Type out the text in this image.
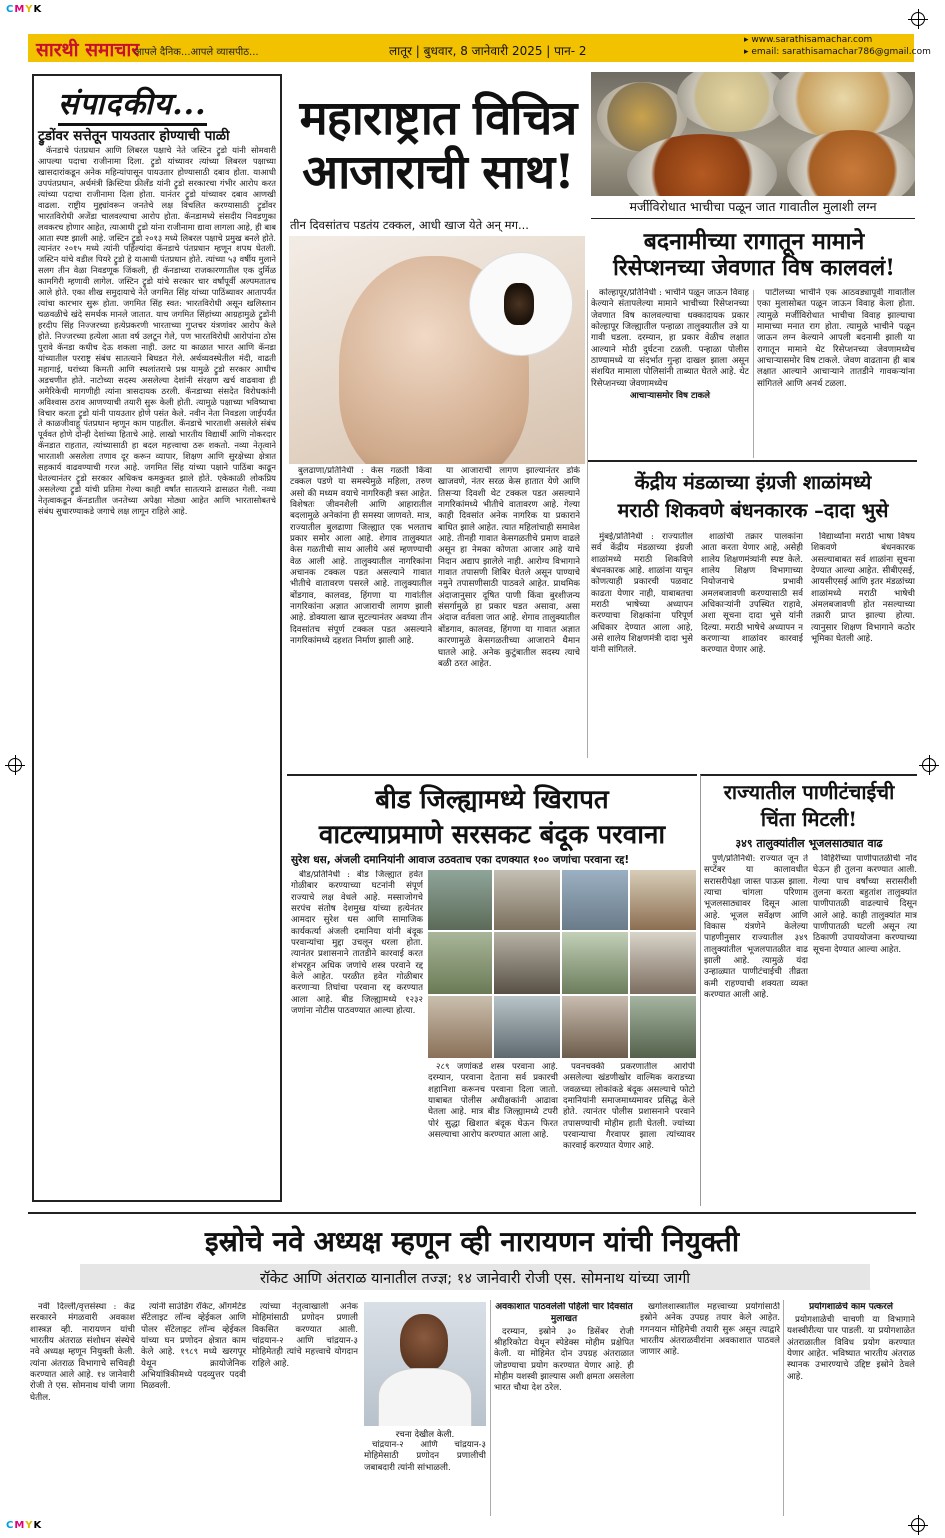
CMYK
CMYK
सारथी समाचार
आपले दैनिक...आपले व्यासपीठ...	लातूर | बुधवार, 8 जानेवारी 2025 | पान- 2
▸ www.sarathisamachar.com
▸ email: sarathisamachar786@gmail.com
संपादकीय...
ट्रुडोंवर सत्तेतून पायउतार होण्याची पाळी

कॅनडाचे पंतप्रधान आणि लिबरल पक्षाचे नेते जस्टिन ट्रुडो यांनी सोमवारी आपल्या पदाचा राजीनामा दिला. ट्रुडो यांच्यावर त्यांच्या लिबरल पक्षाच्या खासदारांकडून अनेक महिन्यांपासून पायउतार होण्यासाठी दबाव होता. याआधी उपपंतप्रधान, अर्थमंत्री क्रिस्टिया फ्रीलँड यांनी ट्रुडो सरकारचा गंभीर आरोप करत त्यांच्या पदाचा राजीनामा दिला होता. यानंतर ट्रुडो यांच्यावर दबाव आणखी वाढला. राष्ट्रीय मुद्द्यांवरून जनतेचे लक्ष विचलित करण्यासाठी ट्रुडोंवर भारतविरोधी अजेंडा चालवल्याचा आरोप होता. कॅनडामध्ये संसदीय निवडणुका लवकरच होणार आहेत, त्याआधी ट्रुडो यांना राजीनामा द्यावा लागला आहे, ही बाब आता स्पष्ट झाली आहे. जस्टिन ट्रुडो २०१३ मध्ये लिबरल पक्षाचे प्रमुख बनले होते. त्यानंतर २०१५ मध्ये त्यांनी पहिल्यांदा कॅनडाचे पंतप्रधान म्हणून शपथ घेतली. जस्टिन यांचे वडील पियरे ट्रुडो हे याआधी पंतप्रधान होते. त्यांच्या ५३ वर्षीय मुलाने सलग तीन वेळा निवडणूक जिंकली, ही कॅनडाच्या राजकारणातील एक दुर्मिळ कामगिरी म्हणावी लागेल. जस्टिन ट्रुडो यांचे सरकार चार वर्षांपूर्वी अल्पमतातच आले होते. एका शीख समुदायाचे नेते जगमित सिंह यांच्या पाठिंब्यावर आतापर्यंत त्यांचा कारभार सुरू होता. जगमित सिंह स्वत: भारतविरोधी असून खलिस्तान चळवळीचे खंदे समर्थक मानले जातात. याच जगमित सिंहांच्या आग्रहामुळे ट्रुडोंनी हरदीप सिंह निज्जरच्या हत्येप्रकरणी भारताच्या गुप्तचर यंत्रणांवर आरोप केले होते. निज्जरच्या हत्येला आता वर्ष उलटून गेले, पण भारतविरोधी आरोपांना ठोस पुरावे कॅनडा कधीच देऊ शकला नाही. उलट या काळात भारत आणि कॅनडा यांच्यातील परराष्ट्र संबंध सातत्याने बिघडत गेले. अर्थव्यवस्थेतील मंदी, वाढती महागाई, घरांच्या किमती आणि स्थलांतराचे प्रश्न यामुळे ट्रुडो सरकार आधीच अडचणीत होते. नाटोच्या सदस्य असलेल्या देशांनी संरक्षण खर्च वाढवावा ही अमेरिकेची मागणीही त्यांना त्रासदायक ठरली. कॅनडाच्या संसदेत विरोधकांनी अविश्वास ठराव आणण्याची तयारी सुरू केली होती. त्यामुळे पक्षाच्या भविष्याचा विचार करता ट्रुडो यांनी पायउतार होणे पसंत केले. नवीन नेता निवडला जाईपर्यंत ते काळजीवाहू पंतप्रधान म्हणून काम पाहतील. कॅनडाचे भारताशी असलेले संबंध पूर्ववत होणे दोन्ही देशांच्या हिताचे आहे. लाखो भारतीय विद्यार्थी आणि नोकरदार कॅनडात राहतात, त्यांच्यासाठी हा बदल महत्त्वाचा ठरू शकतो. नव्या नेतृत्वाने भारताशी असलेला तणाव दूर करून व्यापार, शिक्षण आणि सुरक्षेच्या क्षेत्रात सहकार्य वाढवण्याची गरज आहे. जगमित सिंह यांच्या पक्षाने पाठिंबा काढून घेतल्यानंतर ट्रुडो सरकार अधिकच कमकुवत झाले होते. एकेकाळी लोकप्रिय असलेल्या ट्रुडो यांची प्रतिमा गेल्या काही वर्षांत सातत्याने ढासळत गेली. नव्या नेतृत्वाकडून कॅनडातील जनतेच्या अपेक्षा मोठ्या आहेत आणि भारतासोबतचे संबंध सुधारण्याकडे जगाचे लक्ष लागून राहिले आहे.

महाराष्ट्रात विचित्र आजाराची साथ!
तीन दिवसांतच पडतंय टक्कल, आधी खाज येते अन् मग...

बुलढाणा/प्रतिनिधी : केस गळती किंवा टक्कल पडणे या समस्येमुळे महिला, तरुण असो की मध्यम वयाचे नागरिकही त्रस्त आहेत. विशेषतः जीवनशैली आणि आहारातील बदलामुळे अनेकांना ही समस्या जाणवते. मात्र, राज्यातील बुलढाणा जिल्ह्यात एक भलताच प्रकार समोर आला आहे. शेगाव तालुक्यात केस गळतीची साथ आलीये असं म्हणण्याची वेळ आली आहे. तालुक्यातील नागरिकांना अचानक टक्कल पडत असल्याने गावात भीतीचे वातावरण पसरले आहे. तालुक्यातील बोंडगाव, कालवड, हिंगणा या गावांतील नागरिकांना अज्ञात आजाराची लागण झाली आहे. डोक्याला खाज सुटल्यानंतर अवघ्या तीन दिवसांतच संपूर्ण टक्कल पडत असल्याने नागरिकांमध्ये दहशत निर्माण झाली आहे.

या आजाराची लागण झाल्यानंतर डोके खाजवणे, नंतर सरळ केस हातात येणे आणि तिसऱ्या दिवशी थेट टक्कल पडत असल्याने नागरिकांमध्ये भीतीचे वातावरण आहे. गेल्या काही दिवसांत अनेक नागरिक या प्रकाराने बाधित झाले आहेत. त्यात महिलांचाही समावेश आहे. तीनही गावात केसगळतीचे प्रमाण वाढले असून हा नेमका कोणता आजार आहे याचे निदान अद्याप झालेले नाही. आरोग्य विभागाने गावात तपासणी शिबिर घेतले असून पाण्याचे नमुने तपासणीसाठी पाठवले आहेत. प्राथमिक अंदाजानुसार दूषित पाणी किंवा बुरशीजन्य संसर्गामुळे हा प्रकार घडत असावा, असा अंदाज वर्तवला जात आहे. शेगाव तालुक्यातील बोंडगाव, कालवड, हिंगणा या गावात अज्ञात कारणामुळे केसगळतीच्या आजाराने थैमान घातले आहे. अनेक कुटुंबातील सदस्य त्याचे बळी ठरत आहेत.

मर्जीविरोधात भाचीचा पळून जात गावातील मुलाशी लग्न
बदनामीच्या रागातून मामाने
रिसेप्शनच्या जेवणात विष कालवलं!

कोल्हापूर/प्रतिनिधी : भाचीने पळून जाऊन विवाह केल्याने संतापलेल्या मामाने भाचीच्या रिसेप्शनच्या जेवणात विष कालवल्याचा धक्कादायक प्रकार कोल्हापूर जिल्ह्यातील पन्हाळा तालुक्यातील उत्रे या गावी घडला. दरम्यान, हा प्रकार वेळीच लक्षात आल्याने मोठी दुर्घटना टळली. पन्हाळा पोलीस ठाण्यामध्ये या संदर्भात गुन्हा दाखल झाला असून संशयित मामाला पोलिसांनी ताब्यात घेतले आहे. थेट रिसेप्शनच्या जेवणामध्येच

आचाऱ्यासमोर विष टाकले

पाटीलच्या भाचीने एक आठवड्यापूर्वी गावातील एका मुलासोबत पळून जाऊन विवाह केला होता. त्यामुळे मर्जीविरोधात भाचीचा विवाह झाल्याचा मामाच्या मनात राग होता. त्यामुळे भाचीने पळून जाऊन लग्न केल्याने आपली बदनामी झाली या रागातून मामाने थेट रिसेप्शनच्या जेवणामध्येच आचाऱ्यासमोर विष टाकले. जेवण वाढताना ही बाब लक्षात आल्याने आचाऱ्याने तातडीने गावकऱ्यांना सांगितले आणि अनर्थ टळला.

केंद्रीय मंडळाच्या इंग्रजी शाळांमध्ये
मराठी शिकवणे बंधनकारक –दादा भुसे

मुंबई/प्रतिनिधी : राज्यातील सर्व केंद्रीय मंडळाच्या इंग्रजी शाळांमध्ये मराठी शिकविणे बंधनकारक आहे. शाळांना याचून कोणत्याही प्रकारची पळवाट काढता येणार नाही, याबाबतचा मराठी भाषेच्या अध्यापन करण्याचा शिक्षकांना परिपूर्ण अधिकार देण्यात आला आहे, असे शालेय शिक्षणमंत्री दादा भुसे यांनी सांगितले.

शाळांची तक्रार पालकांना आता करता येणार आहे, असेही शालेय शिक्षणमंत्र्यांनी स्पष्ट केले. शालेय शिक्षण विभागाच्या नियोजनाचे प्रभावी अमलबजावणी करण्यासाठी सर्व अधिकाऱ्यांनी उपस्थित राहावे, अशा सूचना दादा भुसे यांनी दिल्या. मराठी भाषेचे अध्यापन न करणाऱ्या शाळांवर कारवाई करण्यात येणार आहे.

विद्यार्थ्यांना मराठी भाषा विषय शिकवणे बंधनकारक असल्याबाबत सर्व शाळांना सूचना देण्यात आल्या आहेत. सीबीएसई, आयसीएसई आणि इतर मंडळांच्या शाळांमध्ये मराठी भाषेची अंमलबजावणी होत नसल्याच्या तक्रारी प्राप्त झाल्या होत्या. त्यानुसार शिक्षण विभागाने कठोर भूमिका घेतली आहे.

बीड जिल्ह्यामध्ये खिरापत
वाटल्याप्रमाणे सरसकट बंदूक परवाना
सुरेश धस, अंजली दमानियांनी आवाज उठवताच एका दणक्यात १०० जणांचा परवाना रद्द!

बीड/प्रतिनिधी : बीड जिल्ह्यात हवेत गोळीबार करण्याच्या घटनांनी संपूर्ण राज्याचे लक्ष वेधले आहे. मस्साजोगचे सरपंच संतोष देशमुख यांच्या हत्येनंतर आमदार सुरेश धस आणि सामाजिक कार्यकर्त्या अंजली दमानिया यांनी बंदूक परवान्यांचा मुद्दा उचलून धरला होता. त्यानंतर प्रशासनाने तातडीने कारवाई करत शंभरहून अधिक जणांचे शस्त्र परवाने रद्द केले आहेत. परळीत हवेत गोळीबार करणाऱ्या तिघांचा परवाना रद्द करण्यात आला आहे. बीड जिल्ह्यामध्ये १२३२ जणांना नोटीस पाठवण्यात आल्या होत्या.

२८९ जणांकडे शस्त्र परवाना आहे. दरम्यान, परवाना देताना सर्व प्रकारची शहानिशा करूनच परवाना दिला जातो. याबाबत पोलीस अधीक्षकांनी आढावा घेतला आहे. मात्र बीड जिल्ह्यामध्ये टपरी पोरं सुद्धा खिशात बंदूक घेऊन फिरत असल्याचा आरोप करण्यात आला आहे.

पवनचक्की प्रकरणातील आरोपी असलेल्या खंडणीखोर वाल्मिक कराडच्या जवळच्या लोकांकडे बंदूक असल्याचे फोटो दमानियांनी समाजमाध्यमावर प्रसिद्ध केले होते. त्यानंतर पोलीस प्रशासनाने परवाने तपासण्याची मोहीम हाती घेतली. ज्यांच्या परवान्याचा गैरवापर झाला त्यांच्यावर कारवाई करण्यात येणार आहे.

राज्यातील पाणीटंचाईची
चिंता मिटली!
३४९ तालुक्यांतील भूजलसाठ्यात वाढ

पुणे/प्रतिनिधी: राज्यात जून ते सप्टेंबर या कालावधीत सरासरीपेक्षा जास्त पाऊस झाला. त्याचा चांगला परिणाम भूजलसाठ्यावर दिसून आला आहे. भूजल सर्वेक्षण आणि विकास यंत्रणेने केलेल्या पाहणीनुसार राज्यातील ३४९ तालुक्यांतील भूजलपातळीत वाढ झाली आहे. त्यामुळे यंदा उन्हाळ्यात पाणीटंचाईची तीव्रता कमी राहण्याची शक्यता व्यक्त करण्यात आली आहे.

विहिरींच्या पाणीपातळीची नोंद घेऊन ही तुलना करण्यात आली. गेल्या पाच वर्षांच्या सरासरीशी तुलना करता बहुतांश तालुक्यांत पाणीपातळी वाढल्याचे दिसून आले आहे. काही तालुक्यांत मात्र पाणीपातळी घटली असून त्या ठिकाणी उपाययोजना करण्याच्या सूचना देण्यात आल्या आहेत.

इस्रोचे नवे अध्यक्ष म्हणून व्ही नारायणन यांची नियुक्ती
रॉकेट आणि अंतराळ यानातील तज्ज्ञ; १४ जानेवारी रोजी एस. सोमनाथ यांच्या जागी

नवी दिल्ली/वृत्तसंस्था : केंद्र सरकारने मंगळवारी अवकाश शास्त्रज्ञ व्ही. नारायणन यांची भारतीय अंतराळ संशोधन संस्थेचे नवे अध्यक्ष म्हणून नियुक्ती केली. त्यांना अंतराळ विभागाचे सचिवही करण्यात आले आहे. १४ जानेवारी रोजी ते एस. सोमनाथ यांची जागा घेतील.

त्यांनी साउंडिंग रॉकेट, ऑगमेंटेड सॅटेलाइट लॉन्च व्हेईकल आणि पोलर सॅटेलाइट लॉन्च व्हेईकल यांच्या घन प्रणोदन क्षेत्रात काम केले आहे. १९८९ मध्ये खरगपूर येथून क्रायोजेनिक अभियांत्रिकीमध्ये पदव्युत्तर पदवी मिळवली.

त्यांच्या नेतृत्वाखाली अनेक मोहिमांसाठी प्रणोदन प्रणाली विकसित करण्यात आली. चांद्रयान-२ आणि चांद्रयान-३ मोहिमेतही त्यांचे महत्त्वाचे योगदान राहिले आहे.

रचना देखील केली.

चांद्रयान-२ आणि चांद्रयान-३ मोहिमेसाठी प्रणोदन प्रणालीची जबाबदारी त्यांनी सांभाळली.

अवकाशात पाठवलेली पहिली चार दिवसांत मुलाखत

दरम्यान, इस्रोने ३० डिसेंबर रोजी श्रीहरिकोटा येथून स्पेडेक्स मोहीम प्रक्षेपित केली. या मोहिमेत दोन उपग्रह अंतराळात जोडण्याचा प्रयोग करण्यात येणार आहे. ही मोहीम यशस्वी झाल्यास अशी क्षमता असलेला भारत चौथा देश ठरेल.

खगोलशास्त्रातील महत्त्वाच्या प्रयोगांसाठी इस्रोने अनेक उपग्रह तयार केले आहेत. गगनयान मोहिमेची तयारी सुरू असून त्याद्वारे भारतीय अंतराळवीरांना अवकाशात पाठवले जाणार आहे.

प्रयोगशाळेचे काम पत्करले

प्रयोगशाळेची चाचणी या विभागाने यशस्वीरीत्या पार पाडली. या प्रयोगशाळेत अंतराळातील विविध प्रयोग करण्यात येणार आहेत. भविष्यात भारतीय अंतराळ स्थानक उभारण्याचे उद्दिष्ट इस्रोने ठेवले आहे.
